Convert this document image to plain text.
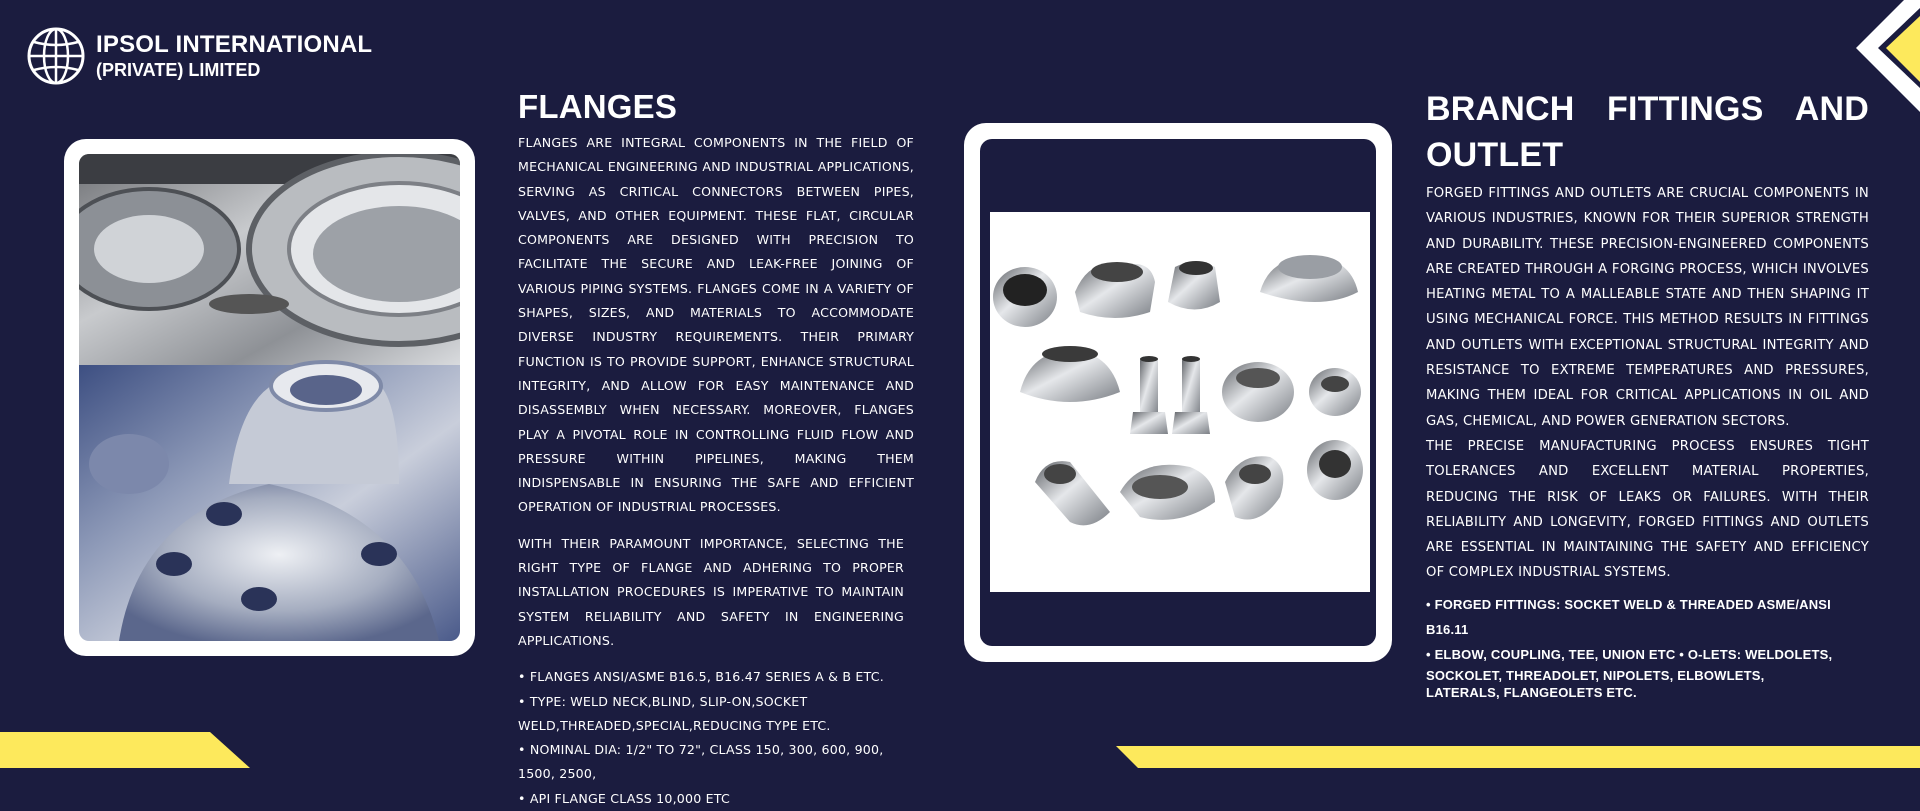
IPSOL INTERNATIONAL
(PRIVATE) LIMITED
FLANGES

FLANGES ARE INTEGRAL COMPONENTS IN THE FIELD OF MECHANICAL ENGINEERING AND INDUSTRIAL APPLICATIONS, SERVING AS CRITICAL CONNECTORS BETWEEN PIPES, VALVES, AND OTHER EQUIPMENT. THESE FLAT, CIRCULAR COMPONENTS ARE DESIGNED WITH PRECISION TO FACILITATE THE SECURE AND LEAK-FREE JOINING OF VARIOUS PIPING SYSTEMS. FLANGES COME IN A VARIETY OF SHAPES, SIZES, AND MATERIALS TO ACCOMMODATE DIVERSE INDUSTRY REQUIREMENTS. THEIR PRIMARY FUNCTION IS TO PROVIDE SUPPORT, ENHANCE STRUCTURAL INTEGRITY, AND ALLOW FOR EASY MAINTENANCE AND DISASSEMBLY WHEN NECESSARY. MOREOVER, FLANGES PLAY A PIVOTAL ROLE IN CONTROLLING FLUID FLOW AND PRESSURE WITHIN PIPELINES, MAKING THEM INDISPENSABLE IN ENSURING THE SAFE AND EFFICIENT OPERATION OF INDUSTRIAL PROCESSES.

WITH THEIR PARAMOUNT IMPORTANCE, SELECTING THE RIGHT TYPE OF FLANGE AND ADHERING TO PROPER INSTALLATION PROCEDURES IS IMPERATIVE TO MAINTAIN SYSTEM RELIABILITY AND SAFETY IN ENGINEERING APPLICATIONS.

• FLANGES ANSI/ASME B16.5, B16.47 SERIES A & B ETC.
• TYPE: WELD NECK,BLIND, SLIP-ON,SOCKET
WELD,THREADED,SPECIAL,REDUCING TYPE ETC.
• NOMINAL DIA: 1/2" TO 72", CLASS 150, 300, 600, 900, 1500, 2500,
• API FLANGE CLASS 10,000 ETC
BRANCH FITTINGS AND
OUTLET

FORGED FITTINGS AND OUTLETS ARE CRUCIAL COMPONENTS IN VARIOUS INDUSTRIES, KNOWN FOR THEIR SUPERIOR STRENGTH AND DURABILITY. THESE PRECISION-ENGINEERED COMPONENTS ARE CREATED THROUGH A FORGING PROCESS, WHICH INVOLVES HEATING METAL TO A MALLEABLE STATE AND THEN SHAPING IT USING MECHANICAL FORCE. THIS METHOD RESULTS IN FITTINGS AND OUTLETS WITH EXCEPTIONAL STRUCTURAL INTEGRITY AND RESISTANCE TO EXTREME TEMPERATURES AND PRESSURES, MAKING THEM IDEAL FOR CRITICAL APPLICATIONS IN OIL AND GAS, CHEMICAL, AND POWER GENERATION SECTORS.

THE PRECISE MANUFACTURING PROCESS ENSURES TIGHT TOLERANCES AND EXCELLENT MATERIAL PROPERTIES, REDUCING THE RISK OF LEAKS OR FAILURES. WITH THEIR RELIABILITY AND LONGEVITY, FORGED FITTINGS AND OUTLETS ARE ESSENTIAL IN MAINTAINING THE SAFETY AND EFFICIENCY OF COMPLEX INDUSTRIAL SYSTEMS.

• FORGED FITTINGS: SOCKET WELD & THREADED ASME/ANSI B16.11
• ELBOW, COUPLING, TEE, UNION ETC • O-LETS: WELDOLETS,
SOCKOLET, THREADOLET, NIPOLETS, ELBOWLETS,
LATERALS, FLANGEOLETS ETC.
